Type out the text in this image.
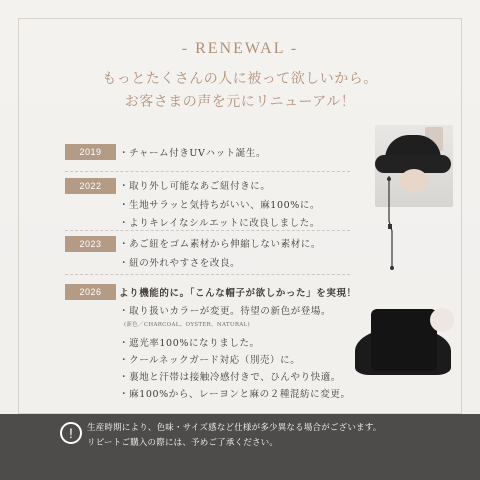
- RENEWAL -
もっとたくさんの人に被って欲しいから。
お客さまの声を元にリニューアル！
2019	・チャーム付きUVハット誕生。
2022	・取り外し可能なあご紐付きに。
・生地サラッと気持ちがいい、麻100%に。
・よりキレイなシルエットに改良しました。
2023	・あご紐をゴム素材から伸縮しない素材に。
・紐の外れやすさを改良。
2026	より機能的に。「こんな帽子が欲しかった」を実現！
・取り扱いカラーが変更。待望の新色が登場。
(新色／CHARCOAL、OYSTER、NATURAL)
・遮光率100%になりました。
・クールネックガード対応（別売）に。
・裏地と汗帯は接触冷感付きで、ひんやり快適。
・麻100%から、レーヨンと麻の２種混紡に変更。
!	生産時期により、色味・サイズ感など仕様が多少異なる場合がございます。
リピートご購入の際には、予めご了承ください。
